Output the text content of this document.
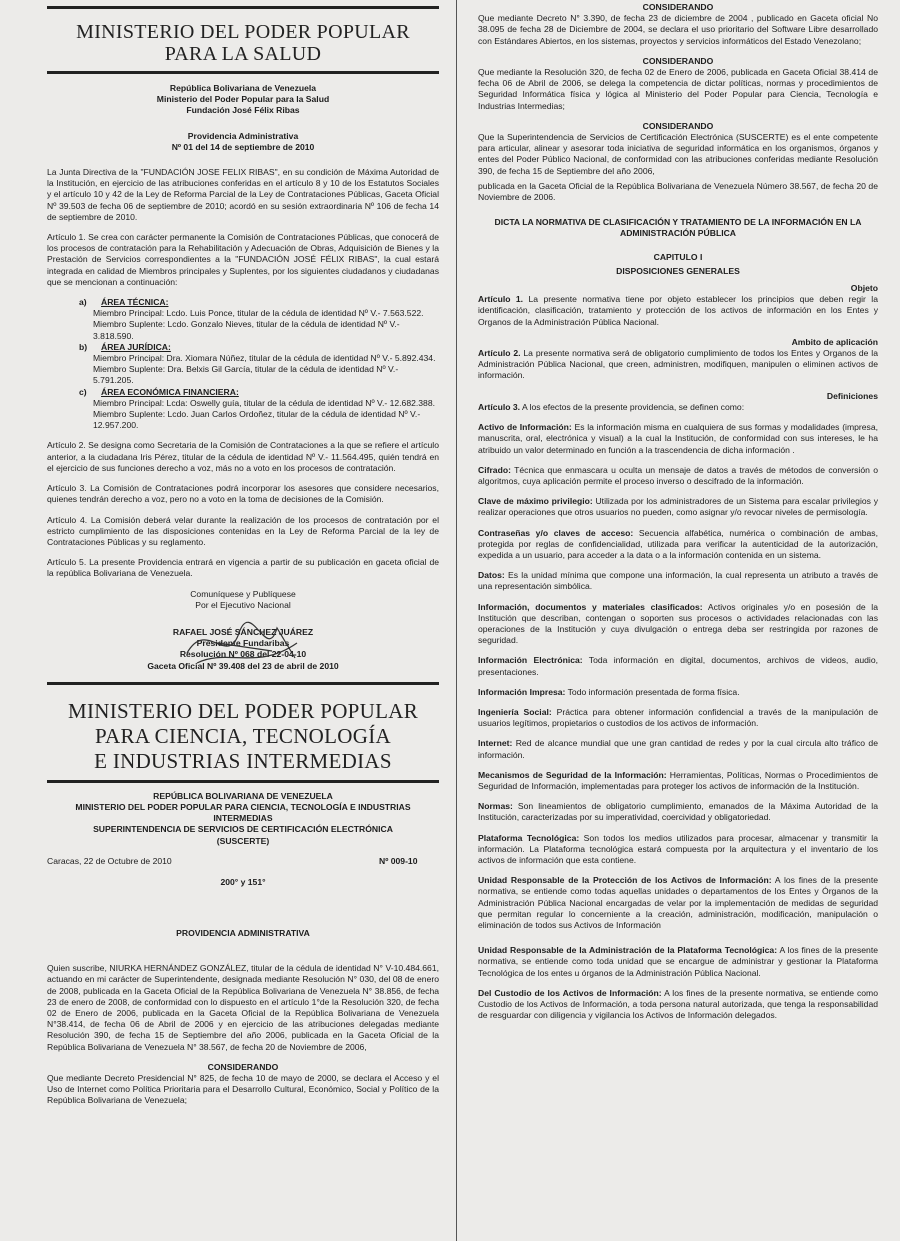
MINISTERIO DEL PODER POPULAR
PARA LA SALUD
República Bolivariana de Venezuela
Ministerio del Poder Popular para la Salud
Fundación José Félix Ribas
Providencia Administrativa
Nº 01 del 14 de septiembre de 2010

La Junta Directiva de la "FUNDACIÓN JOSE FELIX RIBAS", en su condición de Máxima Autoridad de la Institución, en ejercicio de las atribuciones conferidas en el artículo 8 y 10 de los Estatutos Sociales y el artículo 10 y 42 de la Ley de Reforma Parcial de la Ley de Contrataciones Públicas, Gaceta Oficial Nº 39.503 de fecha 06 de septiembre de 2010; acordó en su sesión extraordinaria Nº 106 de fecha 14 de septiembre de 2010.

Artículo 1. Se crea con carácter permanente la Comisión de Contrataciones Públicas, que conocerá de los procesos de contratación para la Rehabilitación y Adecuación de Obras, Adquisición de Bienes y la Prestación de Servicios correspondientes a la "FUNDACIÓN JOSÉ FÉLIX RIBAS", la cual estará integrada en calidad de Miembros principales y Suplentes, por los siguientes ciudadanos y ciudadanas que se mencionan a continuación:

a) ÁREA TÉCNICA:

Miembro Principal: Lcdo. Luis Ponce, titular de la cédula de identidad Nº V.- 7.563.522.

Miembro Suplente: Lcdo. Gonzalo Nieves, titular de la cédula de identidad Nº V.- 3.818.590.

b) ÁREA JURÍDICA:

Miembro Principal: Dra. Xiomara Núñez, titular de la cédula de identidad Nº V.- 5.892.434.

Miembro Suplente: Dra. Belxis Gil García, titular de la cédula de identidad Nº V.- 5.791.205.

c) ÁREA ECONÓMICA FINANCIERA:

Miembro Principal: Lcda: Oswelly guía, titular de la cédula de identidad Nº V.- 12.682.388.

Miembro Suplente: Lcdo. Juan Carlos Ordoñez, titular de la cédula de identidad Nº V.- 12.957.200.

Artículo 2. Se designa como Secretaria de la Comisión de Contrataciones a la que se refiere el artículo anterior, a la ciudadana Iris Pérez, titular de la cédula de identidad Nº V.- 11.564.495, quién tendrá en el ejercicio de sus funciones derecho a voz, más no a voto en los procesos de contratación.

Artículo 3. La Comisión de Contrataciones podrá incorporar los asesores que considere necesarios, quienes tendrán derecho a voz, pero no a voto en la toma de decisiones de la Comisión.

Artículo 4. La Comisión deberá velar durante la realización de los procesos de contratación por el estricto cumplimiento de las disposiciones contenidas en la Ley de Reforma Parcial de la ley de Contrataciones Públicas y su reglamento.

Artículo 5. La presente Providencia entrará en vigencia a partir de su publicación en gaceta oficial de la república Bolivariana de Venezuela.

Comuníquese y Publíquese
Por el Ejecutivo Nacional
RAFAEL JOSÉ SÁNCHEZ JUÁREZ
Presidente Fundaribas
Resolución Nº 068 del 22-04-10
Gaceta Oficial Nº 39.408 del 23 de abril de 2010
MINISTERIO DEL PODER POPULAR
PARA CIENCIA, TECNOLOGÍA
E INDUSTRIAS INTERMEDIAS
REPÚBLICA BOLIVARIANA DE VENEZUELA
MINISTERIO DEL PODER POPULAR PARA CIENCIA, TECNOLOGÍA E INDUSTRIAS INTERMEDIAS
SUPERINTENDENCIA DE SERVICIOS DE CERTIFICACIÓN ELECTRÓNICA
(SUSCERTE)
Caracas, 22 de Octubre de 2010	Nº 009-10
200° y 151°
PROVIDENCIA ADMINISTRATIVA

Quien suscribe, NIURKA HERNÁNDEZ GONZÁLEZ, titular de la cédula de identidad N° V-10.484.661, actuando en mi carácter de Superintendente, designada mediante Resolución N° 030, del 08 de enero de 2008, publicada en la Gaceta Oficial de la República Bolivariana de Venezuela N° 38.856, de fecha 23 de enero de 2008, de conformidad con lo dispuesto en el artículo 1°de la Resolución 320, de fecha 02 de Enero de 2006, publicada en la Gaceta Oficial de la República Bolivariana de Venezuela N°38.414, de fecha 06 de Abril de 2006 y en ejercicio de las atribuciones delegadas mediante Resolución 390, de fecha 15 de Septiembre del año 2006, publicada en la Gaceta Oficial de la República Bolivariana de Venezuela N° 38.567, de fecha 20 de Noviembre de 2006,

CONSIDERANDO

Que mediante Decreto Presidencial N° 825, de fecha 10 de mayo de 2000, se declara el Acceso y el Uso de Internet como Política Prioritaria para el Desarrollo Cultural, Económico, Social y Político de la República Bolivariana de Venezuela;

CONSIDERANDO

Que mediante Decreto N° 3.390, de fecha 23 de diciembre de 2004 , publicado en Gaceta oficial No 38.095 de fecha 28 de Diciembre de 2004, se declara el uso prioritario del Software Libre desarrollado con Estándares Abiertos, en los sistemas, proyectos y servicios informáticos del Estado Venezolano;

CONSIDERANDO

Que mediante la Resolución 320, de fecha 02 de Enero de 2006, publicada en Gaceta Oficial 38.414 de fecha 06 de Abril de 2006, se delega la competencia de dictar políticas, normas y procedimientos de Seguridad Informática física y lógica al Ministerio del Poder Popular para Ciencia, Tecnología e Industrias Intermedias;

CONSIDERANDO

Que la Superintendencia de Servicios de Certificación Electrónica (SUSCERTE) es el ente competente para articular, alinear y asesorar toda iniciativa de seguridad informática en los organismos, órganos y entes del Poder Público Nacional, de conformidad con las atribuciones conferidas mediante Resolución 390, de fecha 15 de Septiembre del año 2006,

publicada en la Gaceta Oficial de la República Bolivariana de Venezuela Número 38.567, de fecha 20 de Noviembre de 2006.

DICTA LA NORMATIVA DE CLASIFICACIÓN Y TRATAMIENTO DE LA INFORMACIÓN EN LA ADMINISTRACIÓN PÚBLICA
CAPITULO I
DISPOSICIONES GENERALES
Objeto

Artículo 1. La presente normativa tiene por objeto establecer los principios que deben regir la identificación, clasificación, tratamiento y protección de los activos de información en los Entes y Organos de la Administración Pública Nacional.

Ambito de aplicación

Artículo 2. La presente normativa será de obligatorio cumplimiento de todos los Entes y Organos de la Administración Pública Nacional, que creen, administren, modifiquen, manipulen o eliminen activos de información.

Definiciones

Artículo 3. A los efectos de la presente providencia, se definen como:

Activo de Información: Es la información misma en cualquiera de sus formas y modalidades (impresa, manuscrita, oral, electrónica y visual) a la cual la Institución, de conformidad con sus intereses, le ha atribuido un valor determinado en función a la trascendencia de dicha información .

Cifrado: Técnica que enmascara u oculta un mensaje de datos a través de métodos de conversión o algoritmos, cuya aplicación permite el proceso inverso o descifrado de la información.

Clave de máximo privilegio: Utilizada por los administradores de un Sistema para escalar privilegios y realizar operaciones que otros usuarios no pueden, como asignar y/o revocar niveles de permisología.

Contraseñas y/o claves de acceso: Secuencia alfabética, numérica o combinación de ambas, protegida por reglas de confidencialidad, utilizada para verificar la autenticidad de la autorización, expedida a un usuario, para acceder a la data o a la información contenida en un sistema.

Datos: Es la unidad mínima que compone una información, la cual representa un atributo a través de una representación simbólica.

Información, documentos y materiales clasificados: Activos originales y/o en posesión de la Institución que describan, contengan o soporten sus procesos o actividades relacionadas con las operaciones de la Institución y cuya divulgación o entrega deba ser restringida por razones de seguridad.

Información Electrónica: Toda información en digital, documentos, archivos de videos, audio, presentaciones.

Información Impresa: Todo información presentada de forma física.

Ingeniería Social: Práctica para obtener información confidencial a través de la manipulación de usuarios legítimos, propietarios o custodios de los activos de información.

Internet: Red de alcance mundial que une gran cantidad de redes y por la cual circula alto tráfico de información.

Mecanismos de Seguridad de la Información: Herramientas, Políticas, Normas o Procedimientos de Seguridad de Información, implementadas para proteger los activos de información de la Institución.

Normas: Son lineamientos de obligatorio cumplimiento, emanados de la Máxima Autoridad de la Institución, caracterizadas por su imperatividad, coercividad y obligatoriedad.

Plataforma Tecnológica: Son todos los medios utilizados para procesar, almacenar y transmitir la información. La Plataforma tecnológica estará compuesta por la arquitectura y el inventario de los activos de información que esta contiene.

Unidad Responsable de la Protección de los Activos de Información: A los fines de la presente normativa, se entiende como todas aquellas unidades o departamentos de los Entes y Órganos de la Administración Pública Nacional encargadas de velar por la implementación de medidas de seguridad que permitan regular lo concerniente a la creación, administración, modificación, manipulación o eliminación de todos sus Activos de Información

Unidad Responsable de la Administración de la Plataforma Tecnológica: A los fines de la presente normativa, se entiende como toda unidad que se encargue de administrar y gestionar la Plataforma Tecnológica de los entes u órganos de la Administración Pública Nacional.

Del Custodio de los Activos de Información: A los fines de la presente normativa, se entiende como Custodio de los Activos de Información, a toda persona natural autorizada, que tenga la responsabilidad de resguardar con diligencia y vigilancia los Activos de Información delegados.
